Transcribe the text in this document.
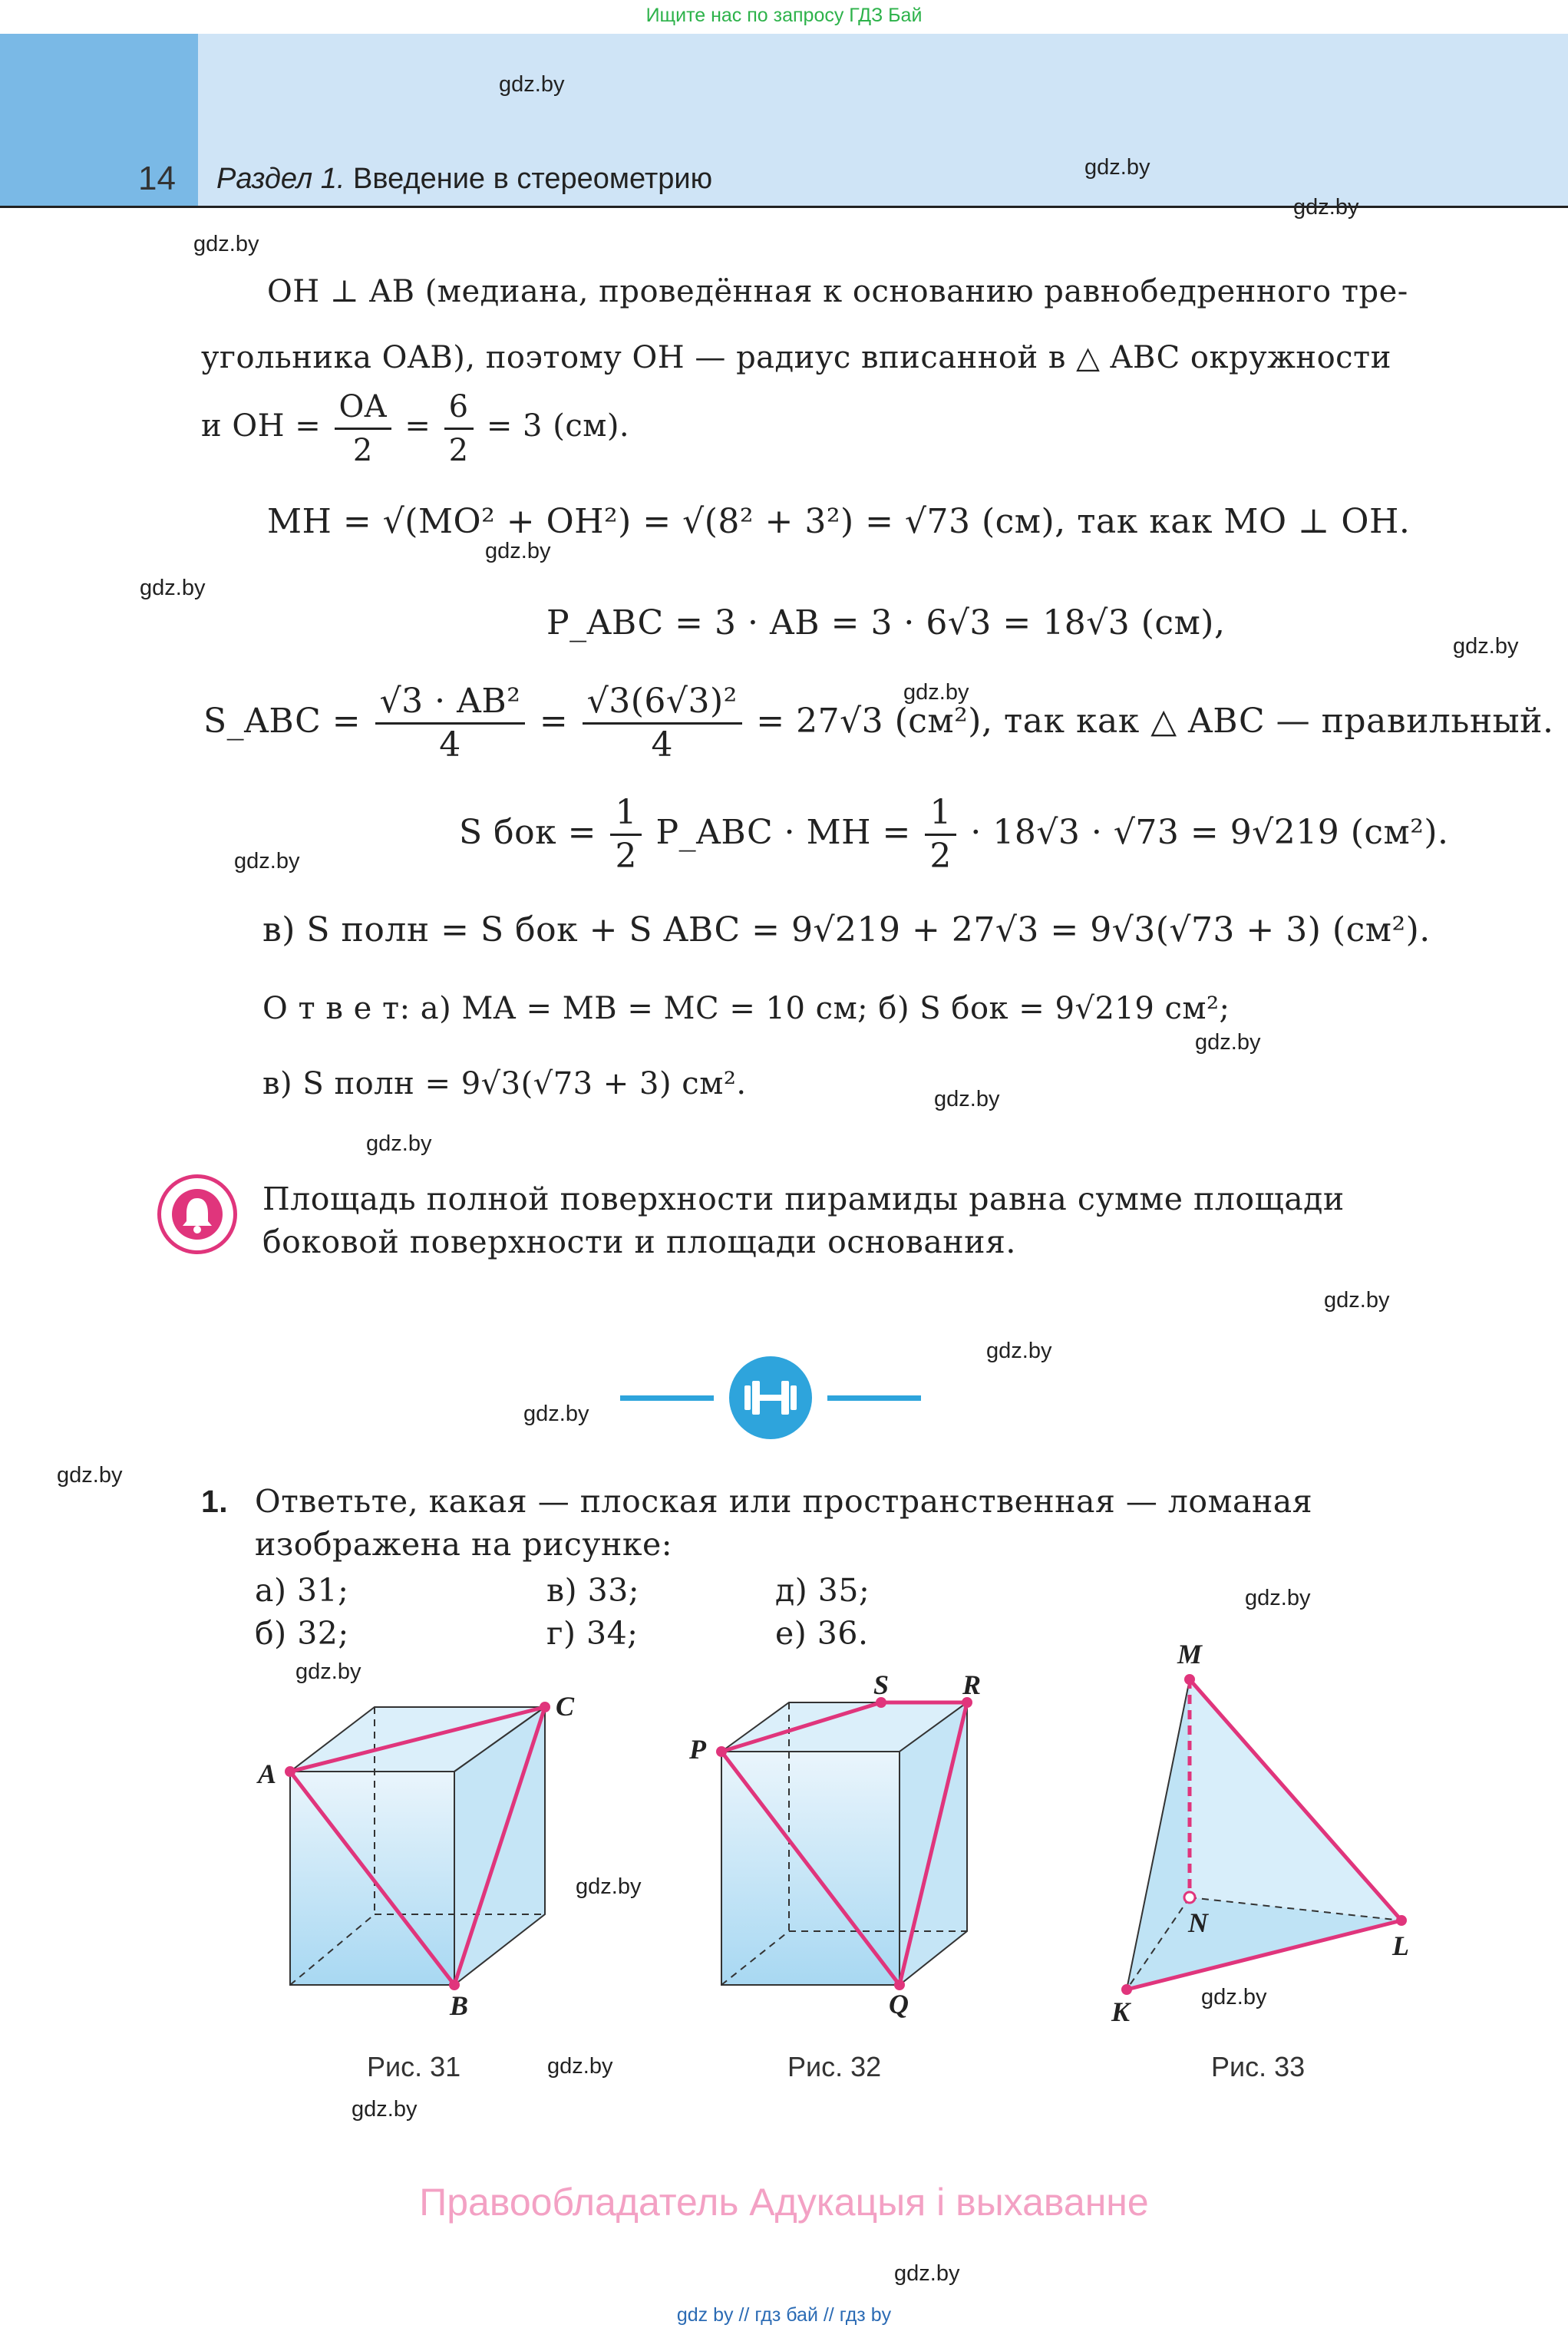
Ищите нас по запросу ГДЗ Бай
14 Раздел 1. Введение в стереометрию
gdz.by
gdz.by
gdz.by
gdz.by
gdz.by
gdz.by
gdz.by
gdz.by
gdz.by
gdz.by
gdz.by
gdz.by
gdz.by
gdz.by
gdz.by
gdz.by
gdz.by
gdz.by
gdz.by
gdz.by
gdz.by
gdz.by
gdz.by
OH ⊥ AB (медиана, проведённая к основанию равнобедренного тре-
угольника OAB), поэтому OH — радиус вписанной в △ ABC окружности
и OH = $\frac{OA}{2} = \frac{6}{2} = 3$ (см).
MH = √(MO² + OH²) = √(8² + 3²) = √73 (см), так как MO ⊥ OH.
P_ABC = 3 · AB = 3 · 6√3 = 18√3 (см),
S_ABC = $\frac{\text{√3 · AB²}}{4} = \frac{\text{√3(6√3)²}}{4} = 27√3$ (см²), так как △ ABC — правильный.
S бок = $\frac{1}{2}$ P_ABC · MH = $\frac{1}{2} \cdot 18√3 \cdot √73 = 9√219$ (см²).
в) S полн = S бок + S ABC = 9√219 + 27√3 = 9√3(√73 + 3) (см²).
О т в е т: а) MA = MB = MC = 10 см; б) S бок = 9√219 см²;
в) S полн = 9√3(√73 + 3) см².
Площадь полной поверхности пирамиды равна сумме площади боковой поверхности и площади основания.
1. Ответьте, какая — плоская или пространственная — ломаная изображена на рисунке:
а) 31;
б) 32;
в) 33;
г) 34;
д) 35;
е) 36.
A
C
B
Рис. 31
P
S	R
Q
Рис. 32
M
N
L
K
Рис. 33
Правообладатель Адукацыя і выхаванне
gdz by // гдз бай // гдз by
